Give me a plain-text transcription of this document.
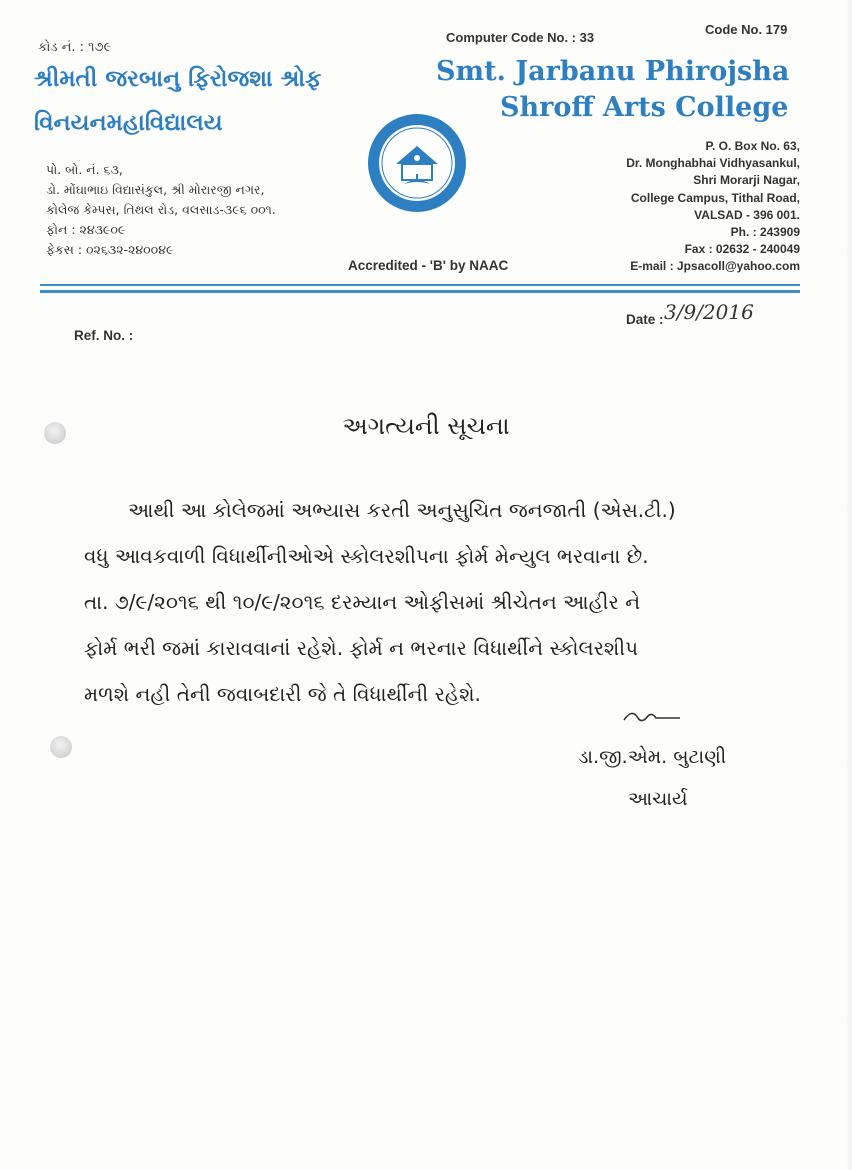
કોડ નં. : ૧૭૯
Computer Code No. : 33
Code No. 179
શ્રીમતી જરબાનુ ફિરોજશા શ્રોફ
વિનયનમહાવિદ્યાલય
Smt. Jarbanu Phirojsha
Shroff Arts College
પો. બો. નં. ૬૩,
ડો. મોંઘાભાઇ વિદ્યાસંકુલ, શ્રી મોરારજી નગર,
કોલેજ કેમ્પસ, તિથલ રોડ, વલસાડ-૩૯૬ ૦૦૧.
ફોન : ૨૪૩૯૦૯
ફેકસ : ૦૨૬૩૨-૨૪૦૦૪૯
P. O. Box No. 63,
Dr. Monghabhai Vidhyasankul,
Shri Morarji Nagar,
College Campus, Tithal Road,
VALSAD - 396 001.
Ph. : 243909
Fax : 02632 - 240049
E-mail : Jpsacoll@yahoo.com
Accredited - 'B' by NAAC
Ref. No. :
Date : 3/9/2016
અગત્યની સૂચના
આથી આ કોલેજમાં અભ્યાસ કરતી અનુસુચિત જનજાતી (એસ.ટી.)
વધુ આવકવાળી વિધાર્થીનીઓએ સ્કોલરશીપના ફોર્મ મેન્યુલ ભરવાના છે.
તા. ૭/૯/૨૦૧૬ થી ૧૦/૯/૨૦૧૬ દરમ્યાન ઓફીસમાં શ્રીચેતન આહીર ને
ફોર્મ ભરી જમાં કારાવવાનાં રહેશે. ફોર્મ ન ભરનાર વિધાર્થીને સ્કોલરશીપ
મળશે નહી તેની જવાબદારી જે તે વિધાર્થીની રહેશે.
ડા.જી.એમ. બુટાણી
આચાર્ય
